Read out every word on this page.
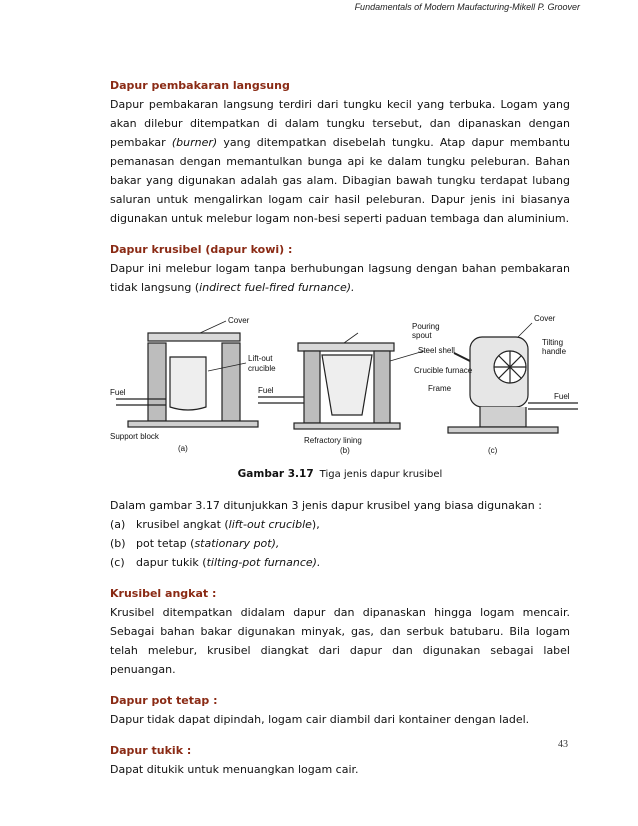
Fundamentals of Modern Maufacturing-Mikell P. Groover
Dapur pembakaran langsung

Dapur pembakaran langsung terdiri dari tungku kecil yang terbuka. Logam yang akan dilebur ditempatkan di dalam tungku tersebut, dan dipanaskan dengan pembakar (burner) yang ditempatkan disebelah tungku. Atap dapur membantu pemanasan dengan memantulkan bunga api ke dalam tungku peleburan. Bahan bakar yang digunakan adalah gas alam. Dibagian bawah tungku terdapat lubang saluran untuk mengalirkan logam cair hasil peleburan. Dapur jenis ini biasanya digunakan untuk melebur logam non-besi seperti paduan tembaga dan aluminium.

Dapur krusibel (dapur kowi) :

Dapur ini melebur logam tanpa berhubungan lagsung dengan bahan pembakaran tidak langsung (indirect fuel-fired furnance).

Cover
Lift-out
crucible
Fuel
Support block
(a)
Fuel
Refractory lining
(b)
Pouring
spout
Steel shell
Crucible furnace
Frame
Cover
Tilting
handle
Fuel
(c)
Gambar 3.17 Tiga jenis dapur krusibel

Dalam gambar 3.17 ditunjukkan 3 jenis dapur krusibel yang biasa digunakan :

(a) krusibel angkat (lift-out crucible),
(b) pot tetap (stationary pot),
(c)	dapur tukik (tilting-pot furnance).
Krusibel angkat :

Krusibel ditempatkan didalam dapur dan dipanaskan hingga logam mencair. Sebagai bahan bakar digunakan minyak, gas, dan serbuk batubaru. Bila logam telah melebur, krusibel diangkat dari dapur dan digunakan sebagai label penuangan.

Dapur pot tetap :

Dapur tidak dapat dipindah, logam cair diambil dari kontainer dengan ladel.

Dapur tukik :

Dapat ditukik untuk menuangkan logam cair.

43
